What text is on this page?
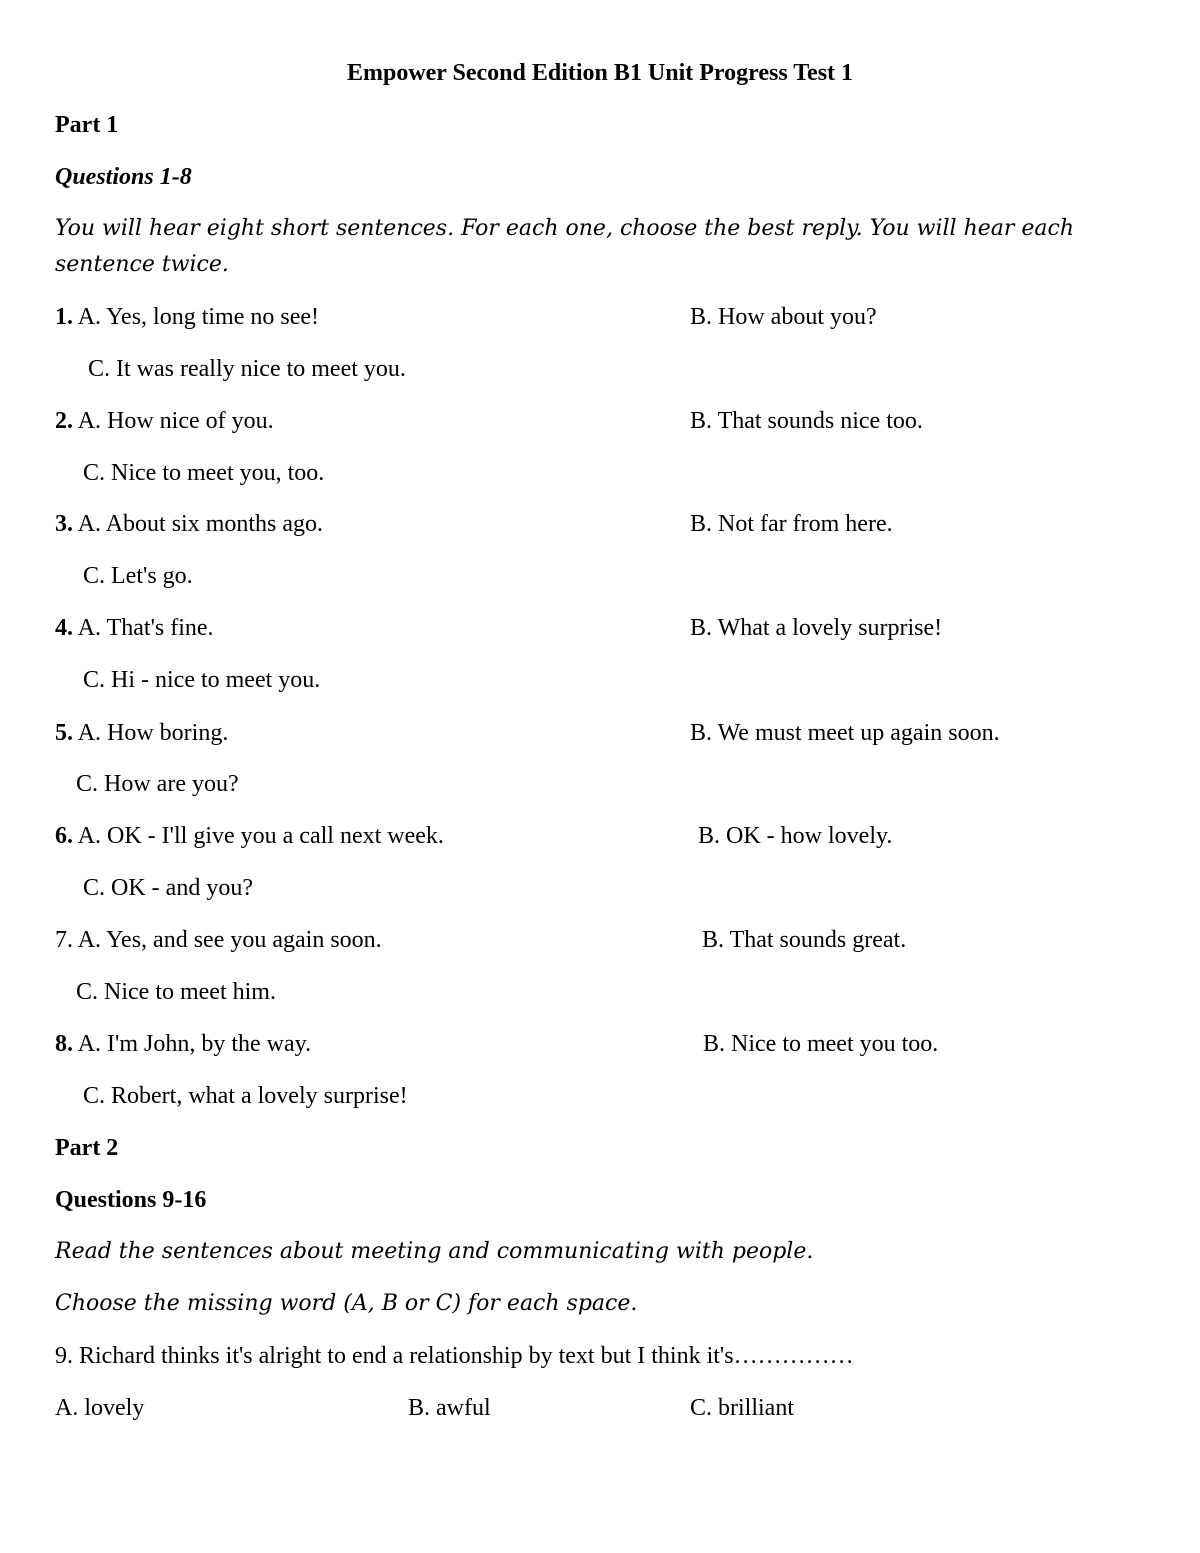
Empower Second Edition B1 Unit Progress Test 1
Part 1
Questions 1-8
You will hear eight short sentences. For each one, choose the best reply. You will hear each
sentence twice.
1. A. Yes, long time no see!	B. How about you?
C. It was really nice to meet you.
2. A. How nice of you.	B. That sounds nice too.
C. Nice to meet you, too.
3. A. About six months ago.	B. Not far from here.
C. Let's go.
4. A. That's fine.	B. What a lovely surprise!
C. Hi - nice to meet you.
5. A. How boring.	B. We must meet up again soon.
C. How are you?
6. A. OK - I'll give you a call next week.	B. OK - how lovely.
C. OK - and you?
7. A. Yes, and see you again soon.	B. That sounds great.
C. Nice to meet him.
8. A. I'm John, by the way.	B. Nice to meet you too.
C. Robert, what a lovely surprise!
Part 2
Questions 9-16
Read the sentences about meeting and communicating with people.
Choose the missing word (A, B or C) for each space.
9. Richard thinks it's alright to end a relationship by text but I think it's……………
A. lovely	B. awful	C. brilliant
